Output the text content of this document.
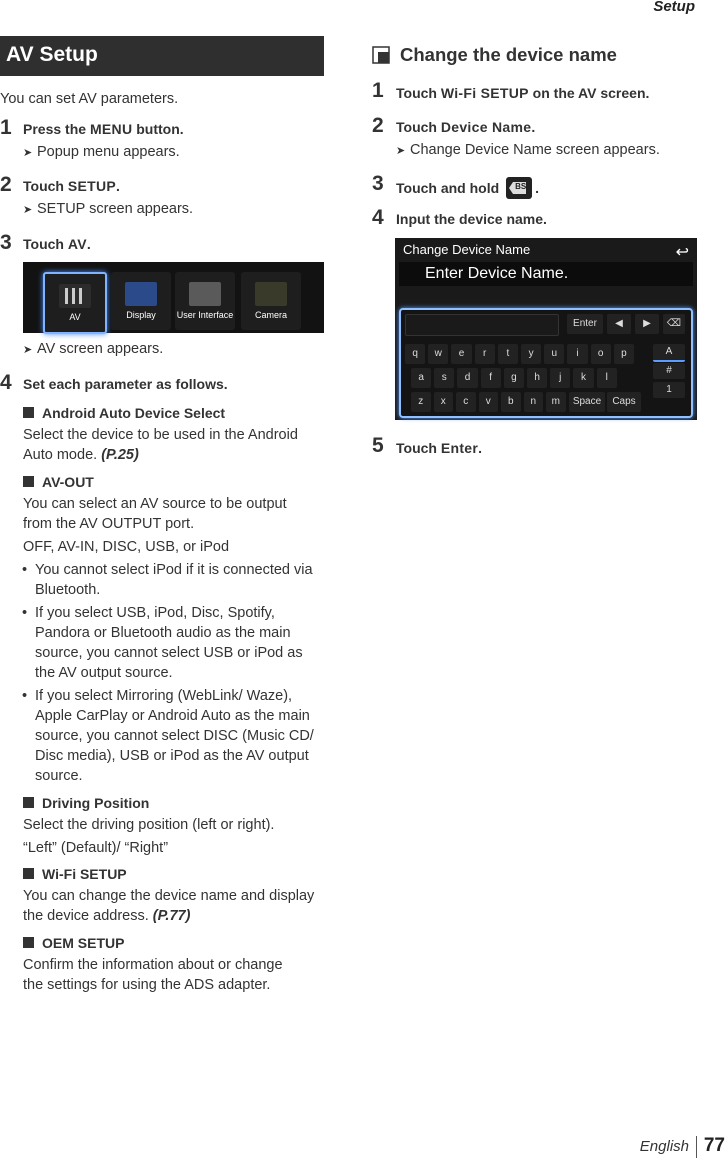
Setup
AV Setup
You can set AV parameters.
1 Press the MENU button.
➤ Popup menu appears.
2 Touch SETUP.
➤ SETUP screen appears.
3 Touch AV.
AV	Display	User Interface	Camera
➤ AV screen appears.
4 Set each parameter as follows.
Android Auto Device Select
Select the device to be used in the Android
Auto mode. (P.25)
AV-OUT
You can select an AV source to be output
from the AV OUTPUT port.
OFF, AV-IN, DISC, USB, or iPod
• You cannot select iPod if it is connected via
Bluetooth.
• If you select USB, iPod, Disc, Spotify,
Pandora or Bluetooth audio as the main
source, you cannot select USB or iPod as
the AV output source.
• If you select Mirroring (WebLink/ Waze),
Apple CarPlay or Android Auto as the main
source, you cannot select DISC (Music CD/
Disc media), USB or iPod as the AV output
source.
Driving Position
Select the driving position (left or right).
“Left” (Default)/ “Right”
Wi-Fi SETUP
You can change the device name and display
the device address. (P.77)
OEM SETUP
Confirm the information about or change
the settings for using the ADS adapter.
Change the device name
1 Touch Wi-Fi SETUP on the AV screen.
2 Touch Device Name.
➤ Change Device Name screen appears.
3 Touch and hold BS .
4 Input the device name.
Change Device Name	↩
Enter Device Name.
Enter	◀	▶	⌫
q	w	e	r	t	y	u	i	o	p
a	s	d	f	g	h	j	k	l
z	x	c	v	b	n	m	Space	Caps
A
#
1
5 Touch Enter.
English 77
